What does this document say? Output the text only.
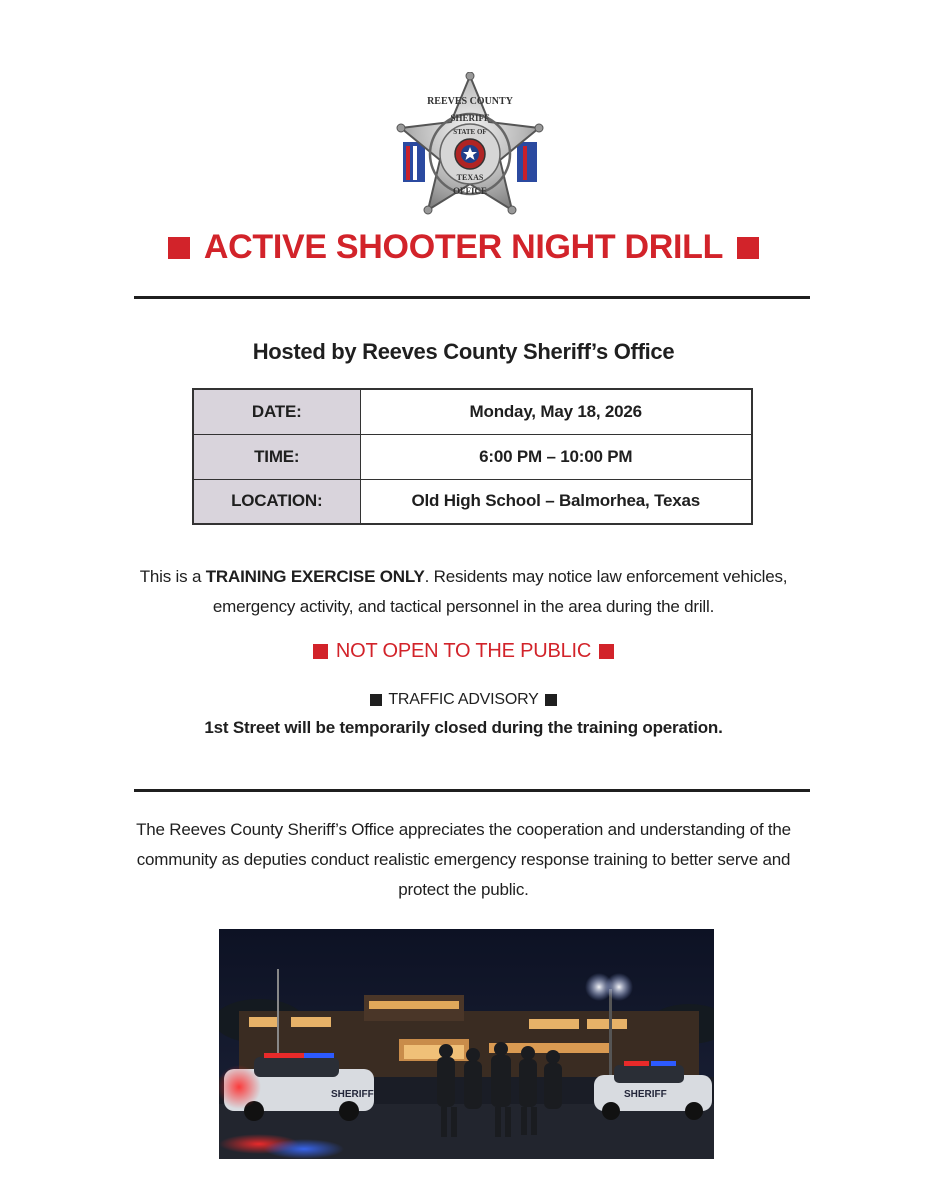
REEVES COUNTY
SHERIFF
STATE OF
TEXAS
OFFICE
ACTIVE SHOOTER NIGHT DRILL
Hosted by Reeves County Sheriff’s Office
DATE:	Monday, May 18, 2026
TIME:	6:00 PM – 10:00 PM
LOCATION:	Old High School – Balmorhea, Texas
This is a TRAINING EXERCISE ONLY. Residents may notice law enforcement vehicles, emergency activity, and tactical personnel in the area during the drill.
NOT OPEN TO THE PUBLIC
TRAFFIC ADVISORY
1st Street will be temporarily closed during the training operation.
The Reeves County Sheriff’s Office appreciates the cooperation and understanding of the community as deputies conduct realistic emergency response training to better serve and protect the public.
SHERIFF	SHERIFF
